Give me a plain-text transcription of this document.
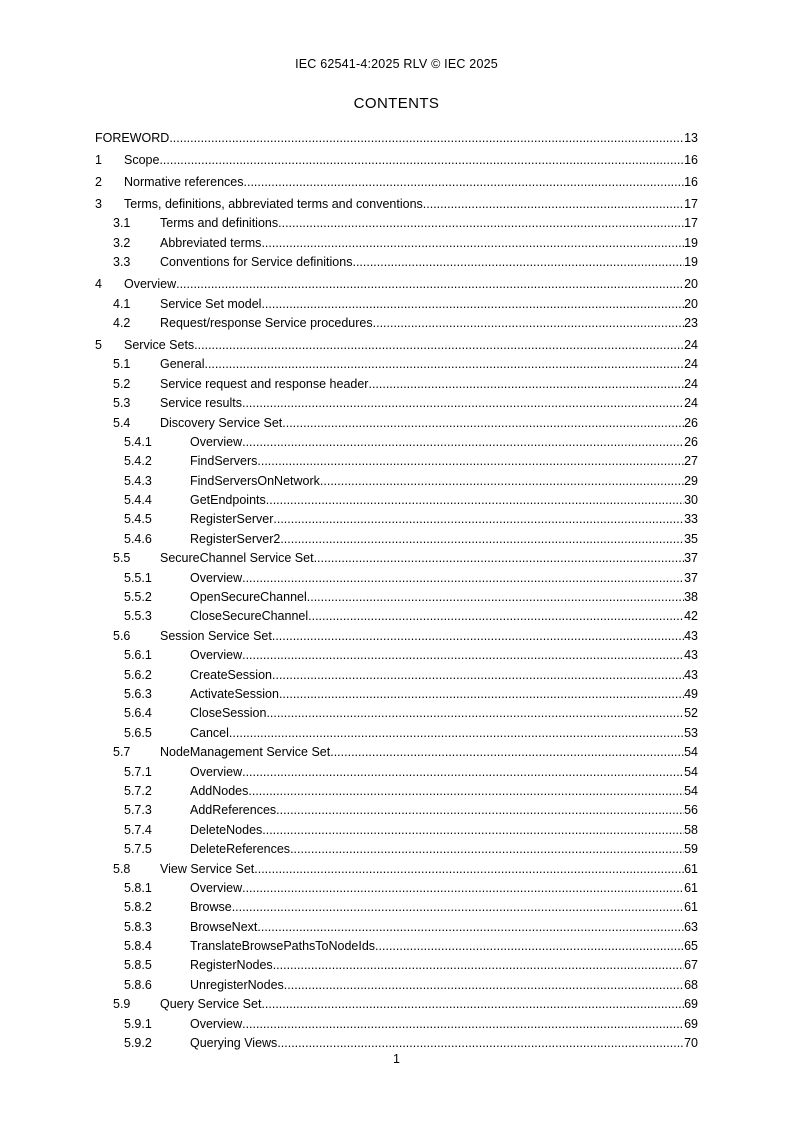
IEC 62541-4:2025 RLV © IEC 2025
CONTENTS
FOREWORD .....	13
1	Scope .....	16
2	Normative references .....	16
3	Terms, definitions, abbreviated terms and conventions .....	17
3.1	Terms and definitions .....	17
3.2	Abbreviated terms .....	19
3.3	Conventions for Service definitions .....	19
4	Overview .....	20
4.1	Service Set model .....	20
4.2	Request/response Service procedures .....	23
5	Service Sets .....	24
5.1	General .....	24
5.2	Service request and response header .....	24
5.3	Service results .....	24
5.4	Discovery Service Set .....	26
5.4.1	Overview .....	26
5.4.2	FindServers .....	27
5.4.3	FindServersOnNetwork .....	29
5.4.4	GetEndpoints .....	30
5.4.5	RegisterServer .....	33
5.4.6	RegisterServer2 .....	35
5.5	SecureChannel Service Set .....	37
5.5.1	Overview .....	37
5.5.2	OpenSecureChannel .....	38
5.5.3	CloseSecureChannel .....	42
5.6	Session Service Set .....	43
5.6.1	Overview .....	43
5.6.2	CreateSession .....	43
5.6.3	ActivateSession .....	49
5.6.4	CloseSession .....	52
5.6.5	Cancel .....	53
5.7	NodeManagement Service Set .....	54
5.7.1	Overview .....	54
5.7.2	AddNodes .....	54
5.7.3	AddReferences .....	56
5.7.4	DeleteNodes .....	58
5.7.5	DeleteReferences .....	59
5.8	View Service Set .....	61
5.8.1	Overview .....	61
5.8.2	Browse .....	61
5.8.3	BrowseNext .....	63
5.8.4	TranslateBrowsePathsToNodeIds .....	65
5.8.5	RegisterNodes .....	67
5.8.6	UnregisterNodes .....	68
5.9	Query Service Set .....	69
5.9.1	Overview .....	69
5.9.2	Querying Views .....	70
1
